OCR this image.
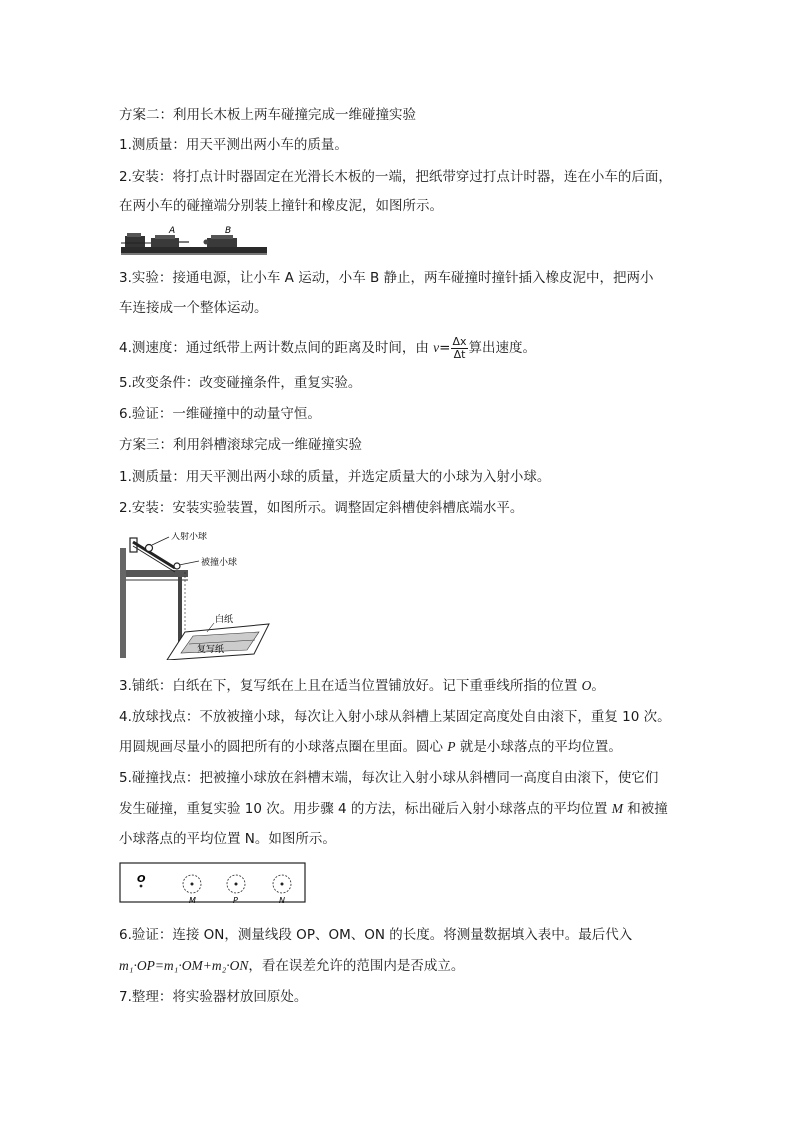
方案二：利用长木板上两车碰撞完成一维碰撞实验
1.测质量：用天平测出两小车的质量。
2.安装：将打点计时器固定在光滑长木板的一端，把纸带穿过打点计时器，连在小车的后面，
在两小车的碰撞端分别装上撞针和橡皮泥，如图所示。
A	B
3.实验：接通电源，让小车 A 运动，小车 B 静止，两车碰撞时撞针插入橡皮泥中，把两小
车连接成一个整体运动。
4.测速度：通过纸带上两计数点间的距离及时间，由 $v= \frac{\Delta x}{\Delta t}$ 算出速度。
5.改变条件：改变碰撞条件，重复实验。
6.验证：一维碰撞中的动量守恒。
方案三：利用斜槽滚球完成一维碰撞实验
1.测质量：用天平测出两小球的质量，并选定质量大的小球为入射小球。
2.安装：安装实验装置，如图所示。调整固定斜槽使斜槽底端水平。
入射小球
被撞小球
白纸
复写纸
3.铺纸：白纸在下，复写纸在上且在适当位置铺放好。记下重垂线所指的位置 O。
4.放球找点：不放被撞小球，每次让入射小球从斜槽上某固定高度处自由滚下，重复 10 次。
用圆规画尽量小的圆把所有的小球落点圈在里面。圆心 P 就是小球落点的平均位置。
5.碰撞找点：把被撞小球放在斜槽末端，每次让入射小球从斜槽同一高度自由滚下，使它们
发生碰撞，重复实验 10 次。用步骤 4 的方法，标出碰后入射小球落点的平均位置 M 和被撞
小球落点的平均位置 N。如图所示。
O
M	P	N
6.验证：连接 ON，测量线段 OP、OM、ON 的长度。将测量数据填入表中。最后代入
m₁·OP=m₁·OM+m₂·ON，看在误差允许的范围内是否成立。
7.整理：将实验器材放回原处。
